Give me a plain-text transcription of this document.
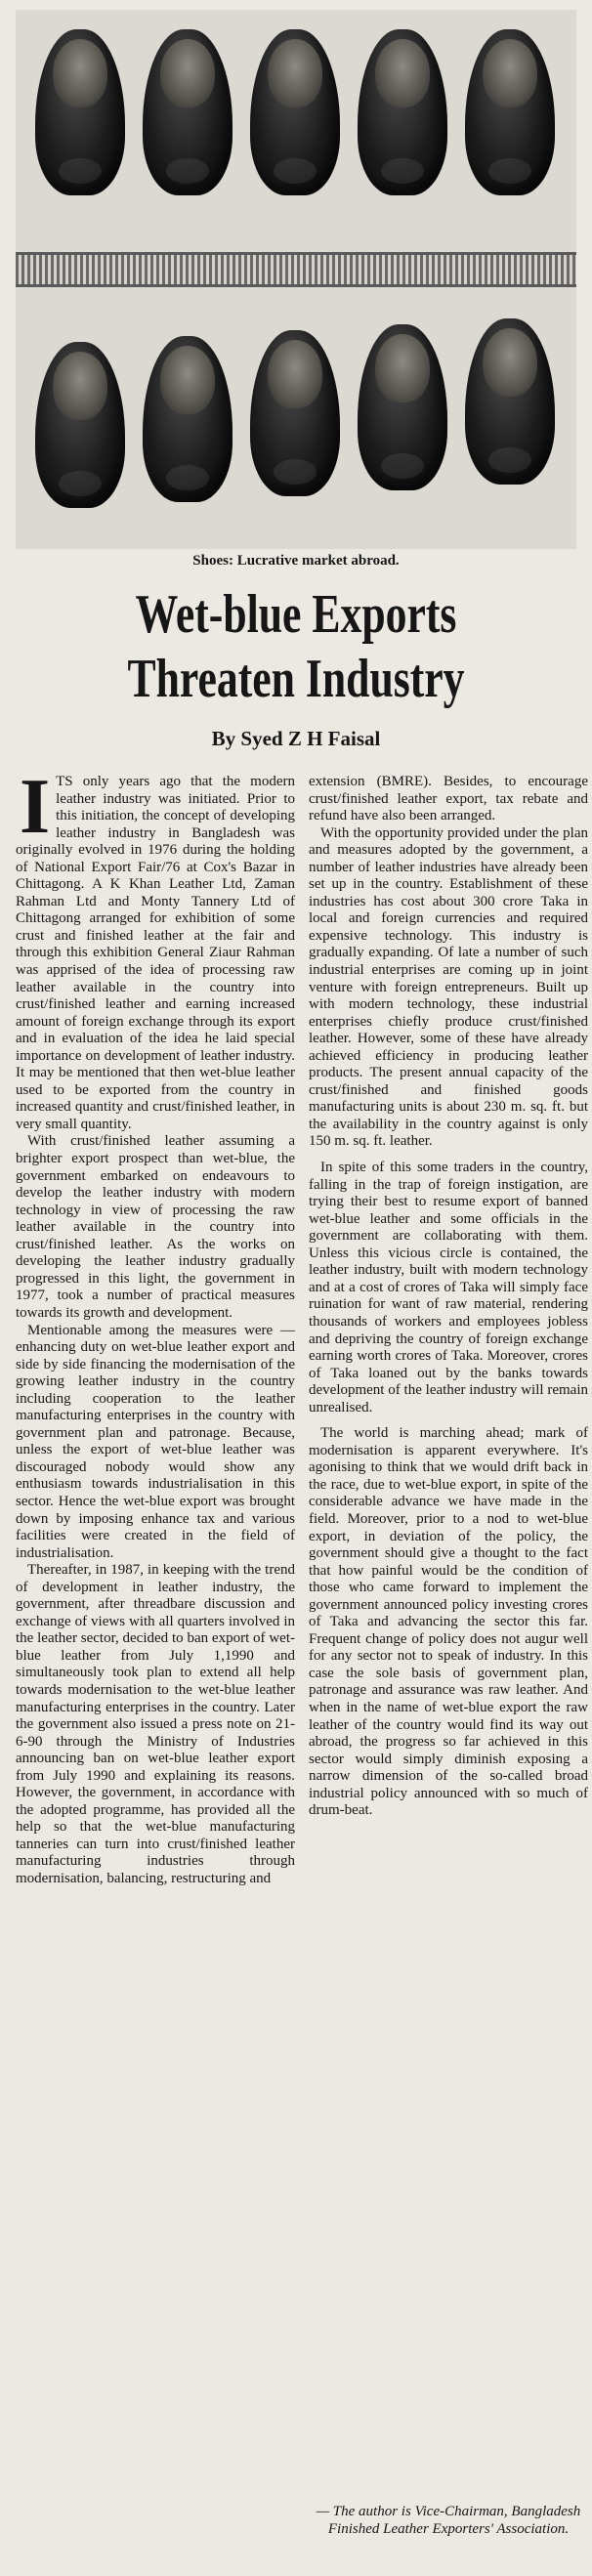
Shoes: Lucrative market abroad.
Wet-blue Exports Threaten Industry
By Syed Z H Faisal
I TS only years ago that the modern leather industry was initiated. Prior to this initiation, the concept of developing leather industry in Bangladesh was originally evolved in 1976 during the holding of National Export Fair/76 at Cox's Bazar in Chittagong. A K Khan Leather Ltd, Zaman Rahman Ltd and Monty Tannery Ltd of Chittagong arranged for exhibition of some crust and finished leather at the fair and through this exhibition General Ziaur Rahman was apprised of the idea of processing raw leather available in the country into crust/finished leather and earning increased amount of foreign exchange through its export and in evaluation of the idea he laid special importance on development of leather industry. It may be mentioned that then wet-blue leather used to be exported from the country in increased quantity and crust/finished leather, in very small quantity.

With crust/finished leather assuming a brighter export prospect than wet-blue, the government embarked on endeavours to develop the leather industry with modern technology in view of processing the raw leather available in the country into crust/finished leather. As the works on developing the leather industry gradually progressed in this light, the government in 1977, took a number of practical measures towards its growth and development.

Mentionable among the measures were — enhancing duty on wet-blue leather export and side by side financing the modernisation of the growing leather industry in the country including cooperation to the leather manufacturing enterprises in the country with government plan and patronage. Because, unless the export of wet-blue leather was discouraged nobody would show any enthusiasm towards industrialisation in this sector. Hence the wet-blue export was brought down by imposing enhance tax and various facilities were created in the field of industrialisation.

Thereafter, in 1987, in keeping with the trend of development in leather industry, the government, after threadbare discussion and exchange of views with all quarters involved in the leather sector, decided to ban export of wet-blue leather from July 1,1990 and simultaneously took plan to extend all help towards modernisation to the wet-blue leather manufacturing enterprises in the country. Later the government also issued a press note on 21-6-90 through the Ministry of Industries announcing ban on wet-blue leather export from July 1990 and explaining its reasons. However, the government, in accordance with the adopted programme, has provided all the help so that the wet-blue manufacturing tanneries can turn into crust/finished leather manufacturing industries through modernisation, balancing, restructuring and

extension (BMRE). Besides, to encourage crust/finished leather export, tax rebate and refund have also been arranged.

With the opportunity provided under the plan and measures adopted by the government, a number of leather industries have already been set up in the country. Establishment of these industries has cost about 300 crore Taka in local and foreign currencies and required expensive technology. This industry is gradually expanding. Of late a number of such industrial enterprises are coming up in joint venture with foreign entrepreneurs. Built up with modern technology, these industrial enterprises chiefly produce crust/finished leather. However, some of these have already achieved efficiency in producing leather products. The present annual capacity of the crust/finished and finished goods manufacturing units is about 230 m. sq. ft. but the availability in the country against is only 150 m. sq. ft. leather.

In spite of this some traders in the country, falling in the trap of foreign instigation, are trying their best to resume export of banned wet-blue leather and some officials in the government are collaborating with them. Unless this vicious circle is contained, the leather industry, built with modern technology and at a cost of crores of Taka will simply face ruination for want of raw material, rendering thousands of workers and employees jobless and depriving the country of foreign exchange earning worth crores of Taka. Moreover, crores of Taka loaned out by the banks towards development of the leather industry will remain unrealised.

The world is marching ahead; mark of modernisation is apparent everywhere. It's agonising to think that we would drift back in the race, due to wet-blue export, in spite of the considerable advance we have made in the field. Moreover, prior to a nod to wet-blue export, in deviation of the policy, the government should give a thought to the fact that how painful would be the condition of those who came forward to implement the government announced policy investing crores of Taka and advancing the sector this far. Frequent change of policy does not augur well for any sector not to speak of industry. In this case the sole basis of government plan, patronage and assurance was raw leather. And when in the name of wet-blue export the raw leather of the country would find its way out abroad, the progress so far achieved in this sector would simply diminish exposing a narrow dimension of the so-called broad industrial policy announced with so much of drum-beat.

— The author is Vice-Chairman, Bangladesh Finished Leather Exporters' Association.
